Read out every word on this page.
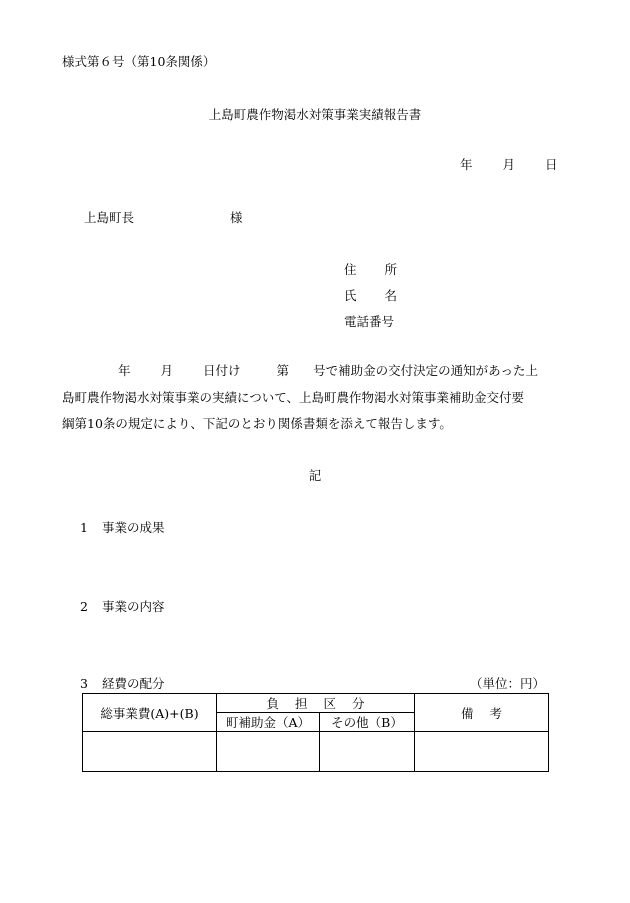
様式第６号（第10条関係）
上島町農作物渇水対策事業実績報告書
年 月 日
上島町長	様
住 所
氏 名
電話番号
年 月 日付け	第 号で補助金の交付決定の通知があった上
島町農作物渇水対策事業の実績について、上島町農作物渇水対策事業補助金交付要
綱第10条の規定により、下記のとおり関係書類を添えて報告します。
記
1 事業の成果
2 事業の内容
3 経費の配分	（単位：円）
総事業費(A)+(B)	負 担 区 分		備 考
	町補助金（A）	その他（B）	
